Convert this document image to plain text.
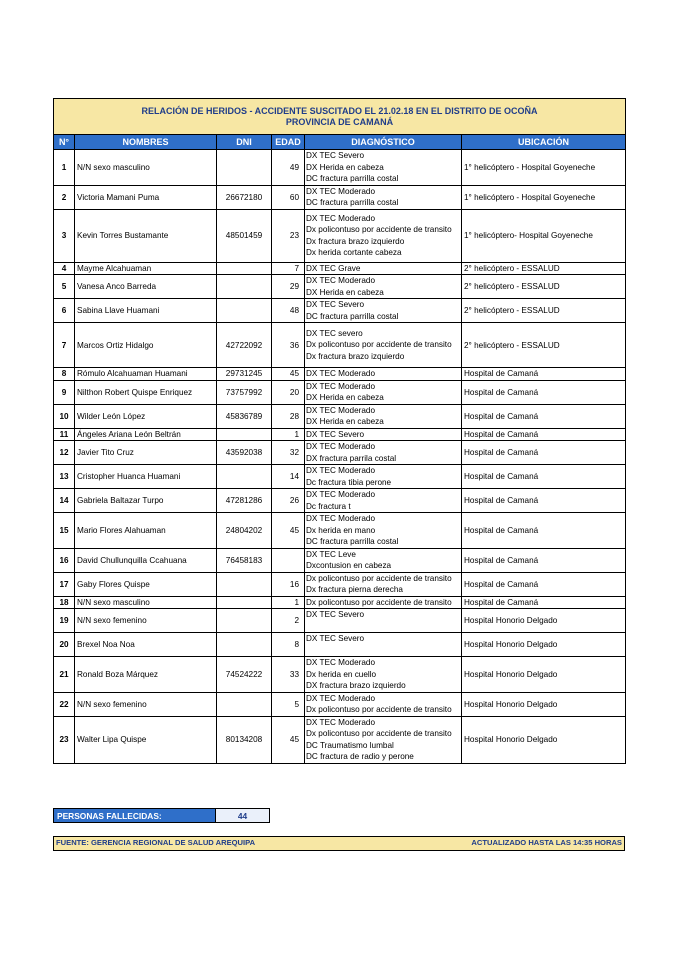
RELACIÓN DE HERIDOS - ACCIDENTE SUSCITADO EL 21.02.18 EN EL DISTRITO DE OCOÑA
PROVINCIA DE CAMANÁ					

N°	NOMBRES	DNI	EDAD	DIAGNÓSTICO	UBICACIÓN
1	N/N sexo masculino		49	DX TEC Severo
DX Herida en cabeza
DC fractura parrilla costal	1° helicóptero - Hospital Goyeneche
2	Victoria Mamani Puma	26672180	60	DX TEC Moderado
DC fractura parrilla costal	1° helicóptero - Hospital Goyeneche
3	Kevin Torres Bustamante	48501459	23	DX TEC Moderado
Dx policontuso por accidente de transito
Dx fractura brazo izquierdo
Dx herida cortante cabeza	1° helicóptero- Hospital Goyeneche
4	Mayme Alcahuaman		7	DX TEC Grave	2° helicóptero - ESSALUD
5	Vanesa Anco Barreda		29	DX TEC Moderado
DX Herida en cabeza	2° helicóptero - ESSALUD
6	Sabina Llave Huamani		48	DX TEC Severo
DC fractura parrilla costal	2° helicóptero - ESSALUD
7	Marcos Ortiz Hidalgo	42722092	36	DX TEC severo
Dx policontuso por accidente de transito
Dx fractura brazo izquierdo	2° helicóptero - ESSALUD
8	Rómulo Alcahuaman Huamani	29731245	45	DX TEC Moderado	Hospital de Camaná
9	Nilthon Robert Quispe Enriquez	73757992	20	DX TEC Moderado
DX Herida en cabeza	Hospital de Camaná
10	Wilder León López	45836789	28	DX TEC Moderado
DX Herida en cabeza	Hospital de Camaná
11	Ángeles Ariana León Beltrán		1	DX TEC Severo	Hospital de Camaná
12	Javier Tito Cruz	43592038	32	DX TEC Moderado
DX fractura parrila costal	Hospital de Camaná
13	Cristopher Huanca Huamani		14	DX TEC Moderado
Dc fractura tibia perone	Hospital de Camaná
14	Gabriela Baltazar Turpo	47281286	26	DX TEC Moderado
Dc fractura t	Hospital de Camaná
15	Mario Flores Alahuaman	24804202	45	DX TEC Moderado
Dx herida en mano
DC fractura parrilla costal	Hospital de Camaná
16	David Chullunquilla Ccahuana	76458183		DX TEC Leve
Dxcontusion en cabeza	Hospital de Camaná
17	Gaby Flores Quispe		16	Dx policontuso por accidente de transito
Dx fractura pierna derecha	Hospital de Camaná
18	N/N sexo masculino		1	Dx policontuso por accidente de transito	Hospital de Camaná
19	N/N sexo femenino		2	DX TEC Severo	Hospital Honorio Delgado
20	Brexel Noa Noa		8	DX TEC Severo	Hospital Honorio Delgado
21	Ronald Boza Márquez	74524222	33	DX TEC Moderado
Dx herida en cuello
DX fractura brazo izquierdo	Hospital Honorio Delgado
22	N/N sexo femenino		5	DX TEC Moderado
Dx policontuso por accidente de transito	Hospital Honorio Delgado
23	Walter Lipa Quispe	80134208	45	DX TEC Moderado
Dx policontuso por accidente de transito
DC Traumatismo lumbal
DC fractura de radio y perone	Hospital Honorio Delgado
PERSONAS FALLECIDAS:	44
FUENTE: GERENCIA REGIONAL DE SALUD AREQUIPA	ACTUALIZADO HASTA LAS 14:35 HORAS
